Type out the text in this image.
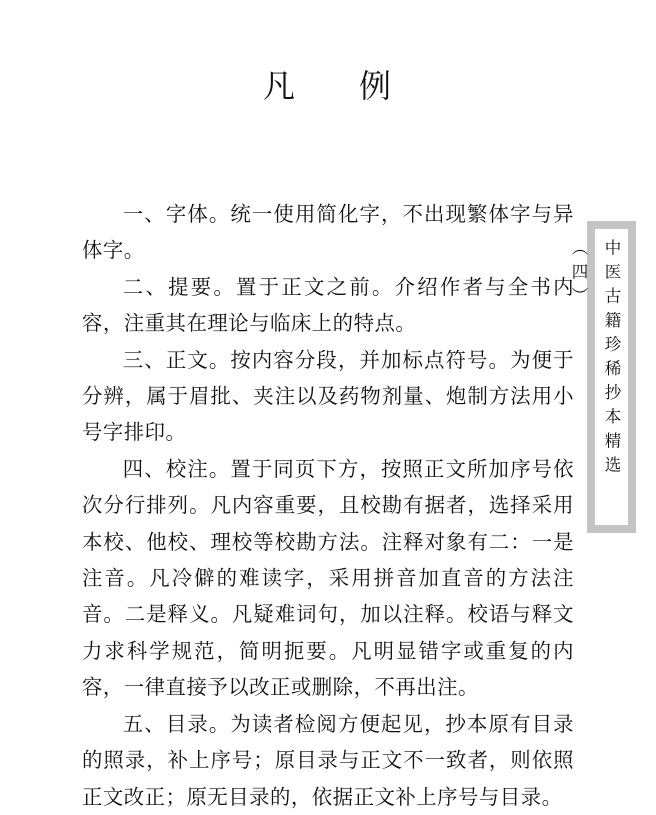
凡 例

一、字体。统一使用简化字，不出现繁体字与异体字。

二、提要。置于正文之前。介绍作者与全书内容，注重其在理论与临床上的特点。

三、正文。按内容分段，并加标点符号。为便于分辨，属于眉批、夹注以及药物剂量、炮制方法用小号字排印。

四、校注。置于同页下方，按照正文所加序号依次分行排列。凡内容重要，且校勘有据者，选择采用本校、他校、理校等校勘方法。注释对象有二：一是注音。凡冷僻的难读字，采用拼音加直音的方法注音。二是释义。凡疑难词句，加以注释。校语与释文力求科学规范，简明扼要。凡明显错字或重复的内容，一律直接予以改正或删除，不再出注。

五、目录。为读者检阅方便起见，抄本原有目录的照录，补上序号；原目录与正文不一致者，则依照正文改正；原无目录的，依据正文补上序号与目录。

中医古籍珍稀抄本精选（四）
